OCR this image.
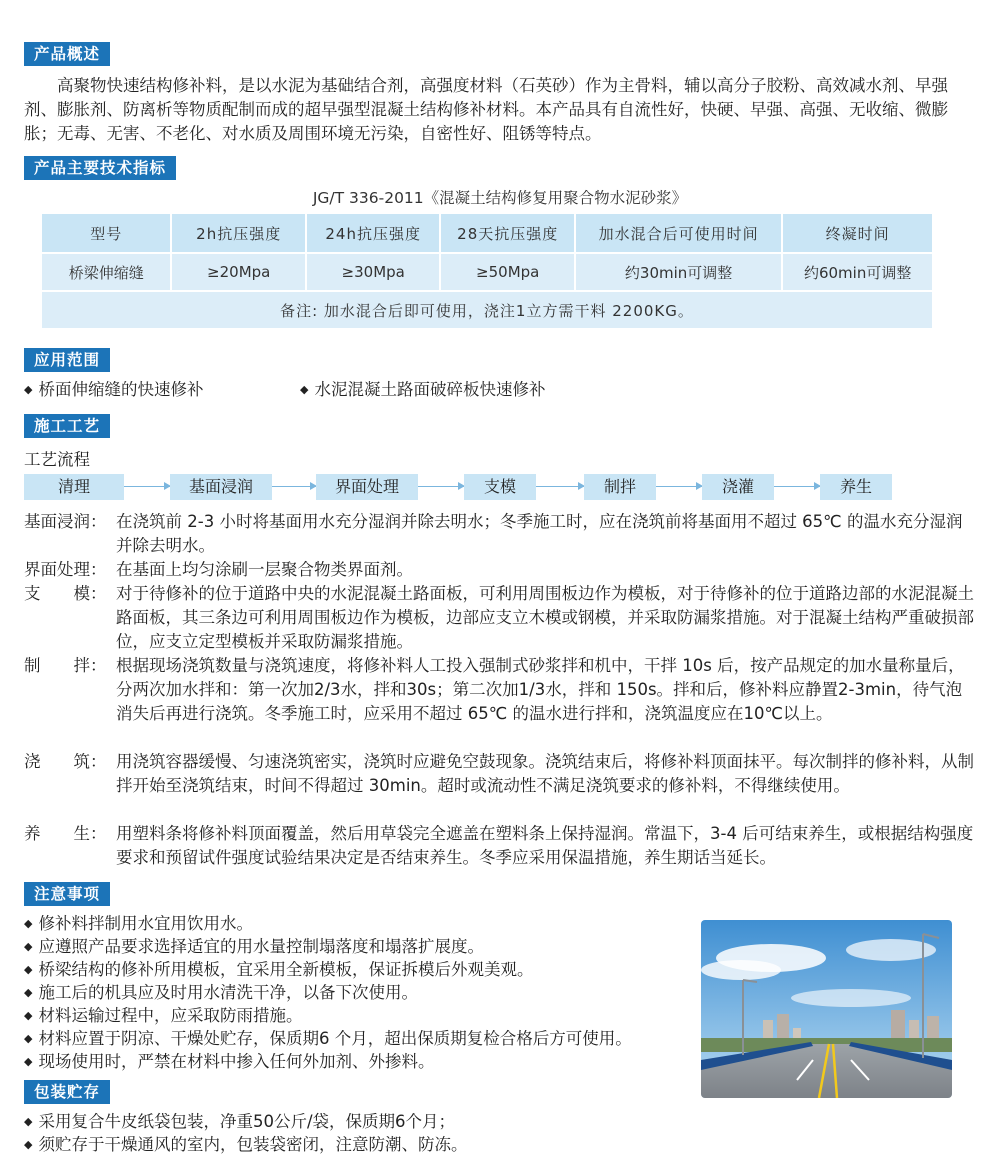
产品概述

高聚物快速结构修补料，是以水泥为基础结合剂，高强度材料（石英砂）作为主骨料，辅以高分子胶粉、高效减水剂、早强剂、膨胀剂、防离析等物质配制而成的超早强型混凝土结构修补材料。本产品具有自流性好，快硬、早强、高强、无收缩、微膨胀；无毒、无害、不老化、对水质及周围环境无污染，自密性好、阻锈等特点。

产品主要技术指标
JG/T 336-2011《混凝土结构修复用聚合物水泥砂浆》
型号	2h抗压强度	24h抗压强度	28天抗压强度	加水混合后可使用时间	终凝时间
桥梁伸缩缝	≥20Mpa	≥30Mpa	≥50Mpa	约30min可调整	约60min可调整
备注: 加水混合后即可使用，浇注1立方需干料 2200KG。					
应用范围
◆ 桥面伸缩缝的快速修补	◆ 水泥混凝土路面破碎板快速修补
施工工艺
工艺流程
清理	基面浸润	界面处理	支模	制拌	浇灌	养生
基面浸润： 在浇筑前 2-3 小时将基面用水充分湿润并除去明水；冬季施工时，应在浇筑前将基面用不超过 65℃ 的温水充分湿润并除去明水。
界面处理： 在基面上均匀涂刷一层聚合物类界面剂。
支　　模： 对于待修补的位于道路中央的水泥混凝土路面板，可利用周围板边作为模板，对于待修补的位于道路边部的水泥混凝土路面板，其三条边可利用周围板边作为模板，边部应支立木模或钢模，并采取防漏浆措施。对于混凝土结构严重破损部位，应支立定型模板并采取防漏浆措施。
制　　拌： 根据现场浇筑数量与浇筑速度，将修补料人工投入强制式砂浆拌和机中，干拌 10s 后，按产品规定的加水量称量后，分两次加水拌和：第一次加2/3水，拌和30s；第二次加1/3水，拌和 150s。拌和后，修补料应静置2-3min，待气泡消失后再进行浇筑。冬季施工时，应采用不超过 65℃ 的温水进行拌和，浇筑温度应在10℃以上。
浇　　筑： 用浇筑容器缓慢、匀速浇筑密实，浇筑时应避免空鼓现象。浇筑结束后，将修补料顶面抹平。每次制拌的修补料，从制拌开始至浇筑结束，时间不得超过 30min。超时或流动性不满足浇筑要求的修补料，不得继续使用。
养　　生： 用塑料条将修补料顶面覆盖，然后用草袋完全遮盖在塑料条上保持湿润。常温下，3-4 后可结束养生，或根据结构强度要求和预留试件强度试验结果决定是否结束养生。冬季应采用保温措施，养生期话当延长。
注意事项
◆ 修补料拌制用水宜用饮用水。
◆ 应遵照产品要求选择适宜的用水量控制塌落度和塌落扩展度。
◆ 桥梁结构的修补所用模板，宜采用全新模板，保证拆模后外观美观。
◆ 施工后的机具应及时用水清洗干净，以备下次使用。
◆ 材料运输过程中，应采取防雨措施。
◆ 材料应置于阴凉、干燥处贮存，保质期6 个月，超出保质期复检合格后方可使用。
◆ 现场使用时，严禁在材料中掺入任何外加剂、外掺料。
包装贮存
◆ 采用复合牛皮纸袋包装，净重50公斤/袋，保质期6个月；
◆ 须贮存于干燥通风的室内，包装袋密闭，注意防潮、防冻。
